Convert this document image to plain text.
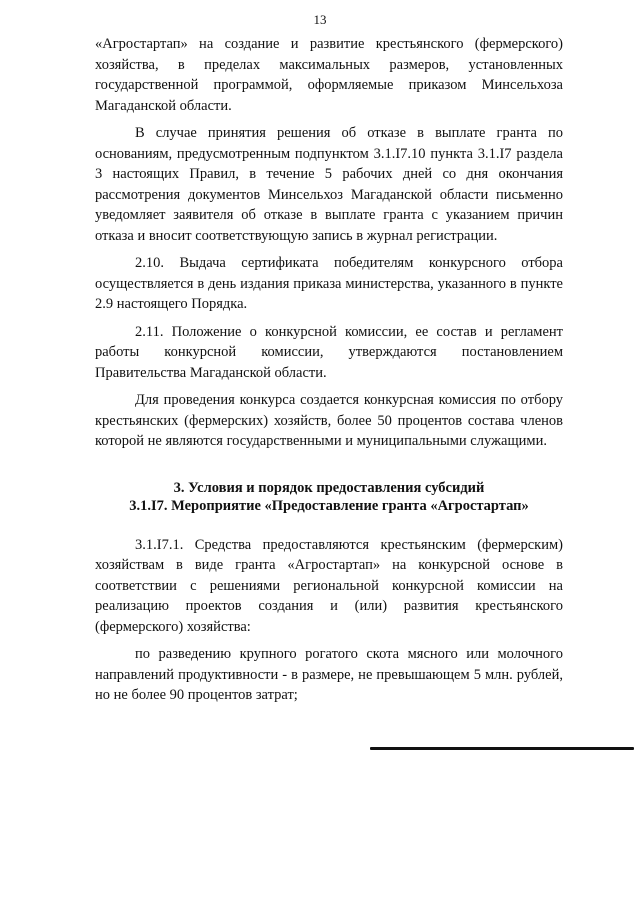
13

«Агростартап» на создание и развитие крестьянского (фермерского) хозяйства, в пределах максимальных размеров, установленных государственной программой, оформляемые приказом Минсельхоза Магаданской области.

В случае принятия решения об отказе в выплате гранта по основаниям, предусмотренным подпунктом 3.1.I7.10 пункта 3.1.I7 раздела 3 настоящих Правил, в течение 5 рабочих дней со дня окончания рассмотрения документов Минсельхоз Магаданской области письменно уведомляет заявителя об отказе в выплате гранта с указанием причин отказа и вносит соответствующую запись в журнал регистрации.

2.10. Выдача сертификата победителям конкурсного отбора осуществляется в день издания приказа министерства, указанного в пункте 2.9 настоящего Порядка.

2.11. Положение о конкурсной комиссии, ее состав и регламент работы конкурсной комиссии, утверждаются постановлением Правительства Магаданской области.

Для проведения конкурса создается конкурсная комиссия по отбору крестьянских (фермерских) хозяйств, более 50 процентов состава членов которой не являются государственными и муниципальными служащими.

3. Условия и порядок предоставления субсидий

3.1.I7. Мероприятие «Предоставление гранта «Агростартап»

3.1.I7.1. Средства предоставляются крестьянским (фермерским) хозяйствам в виде гранта «Агростартап» на конкурсной основе в соответствии с решениями региональной конкурсной комиссии на реализацию проектов создания и (или) развития крестьянского (фермерского) хозяйства:

по разведению крупного рогатого скота мясного или молочного направлений продуктивности - в размере, не превышающем 5 млн. рублей, но не более 90 процентов затрат;
